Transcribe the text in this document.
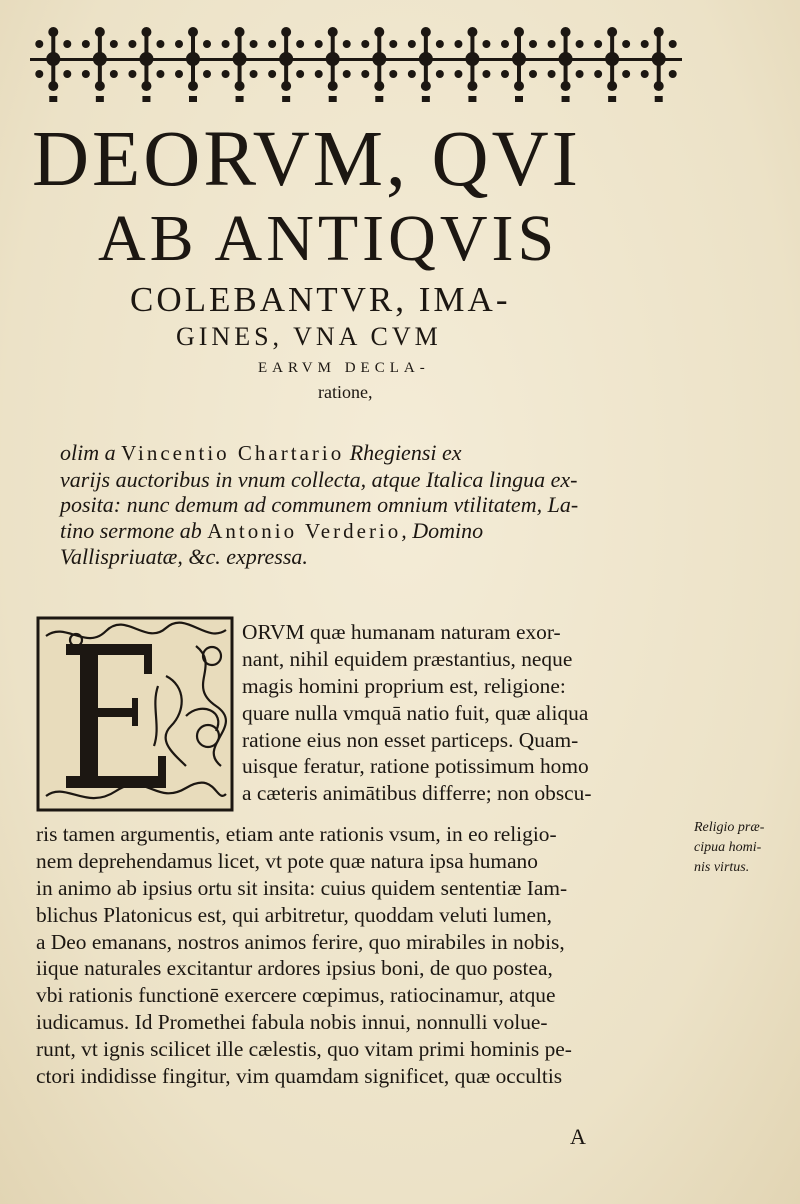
DEORVM, QVI
AB ANTIQVIS
COLEBANTVR, IMA-
GINES, VNA CVM
EARVM DECLA-
ratione,
olim a Vincentio Chartario Rhegiensi ex
varijs auctoribus in vnum collecta, atque Italica lingua ex-
posita: nunc demum ad communem omnium vtilitatem, La-
tino sermone ab Antonio Verderio, Domino
Vallispriuatæ, &c. expressa.
ORVM quæ humanam naturam exor-
nant, nihil equidem præstantius, neque
magis homini proprium est, religione:
quare nulla vmquā natio fuit, quæ aliqua
ratione eius non esset particeps. Quam-
uisque feratur, ratione potissimum homo
a cæteris animātibus differre; non obscu-
ris tamen argumentis, etiam ante rationis vsum, in eo religio-
nem deprehendamus licet, vt pote quæ natura ipsa humano
in animo ab ipsius ortu sit insita: cuius quidem sententiæ Iam-
blichus Platonicus est, qui arbitretur, quoddam veluti lumen,
a Deo emanans, nostros animos ferire, quo mirabiles in nobis,
iique naturales excitantur ardores ipsius boni, de quo postea,
vbi rationis functionē exercere cœpimus, ratiocinamur, atque
iudicamus. Id Promethei fabula nobis innui, nonnulli volue-
runt, vt ignis scilicet ille cælestis, quo vitam primi hominis pe-
ctori indidisse fingitur, vim quamdam significet, quæ occultis
Religio præ-
cipua homi-
nis virtus.
A
